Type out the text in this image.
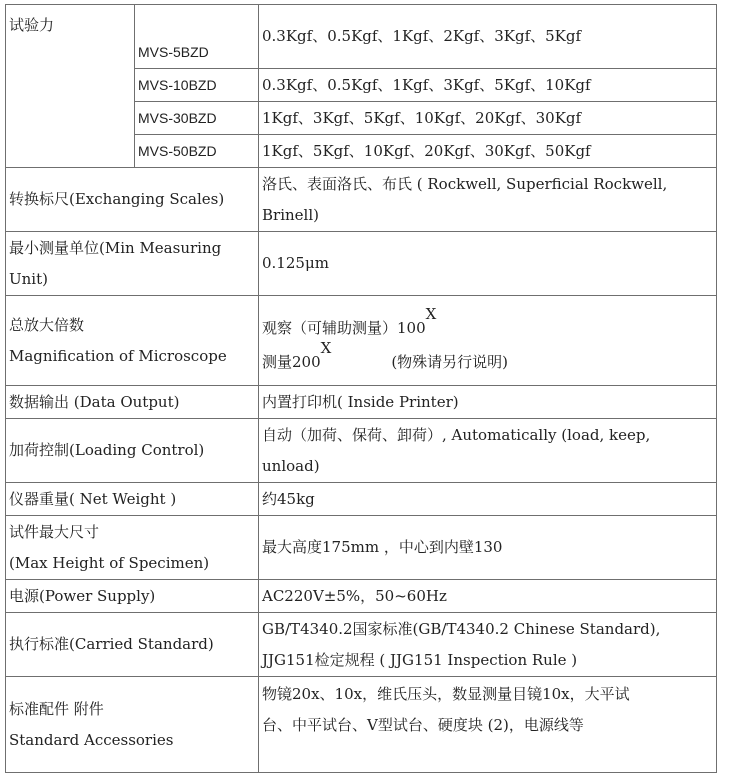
试验力	MVS-5BZD	0.3Kgf、0.5Kgf、1Kgf、2Kgf、3Kgf、5Kgf
	MVS-10BZD	0.3Kgf、0.5Kgf、1Kgf、3Kgf、5Kgf、10Kgf
	MVS-30BZD	1Kgf、3Kgf、5Kgf、10Kgf、20Kgf、30Kgf
	MVS-50BZD	1Kgf、5Kgf、10Kgf、20Kgf、30Kgf、50Kgf
转换标尺(Exchanging Scales)		洛氏、表面洛氏、布氏 ( Rockwell, Superficial Rockwell,
Brinell)
最小测量单位(Min Measuring
Unit)		0.125μm
总放大倍数
Magnification of Microscope		观察（可辅助测量）100X
测量200X(物殊请另行说明)
数据输出 (Data Output)		内置打印机( Inside Printer)
加荷控制(Loading Control)		自动（加荷、保荷、卸荷）, Automatically (load, keep,
unload)
仪器重量( Net Weight )		约45kg
试件最大尺寸
(Max Height of Specimen)		最大高度175mm ，中心到内壁130
电源(Power Supply)		AC220V±5%，50~60Hz
执行标准(Carried Standard)		GB/T4340.2国家标准(GB/T4340.2 Chinese Standard),
JJG151检定规程 ( JJG151 Inspection Rule )
标准配件 附件
Standard Accessories		物镜20x、10x，维氏压头，数显测量目镜10x，大平试
台、中平试台、V型试台、硬度块 (2)，电源线等
